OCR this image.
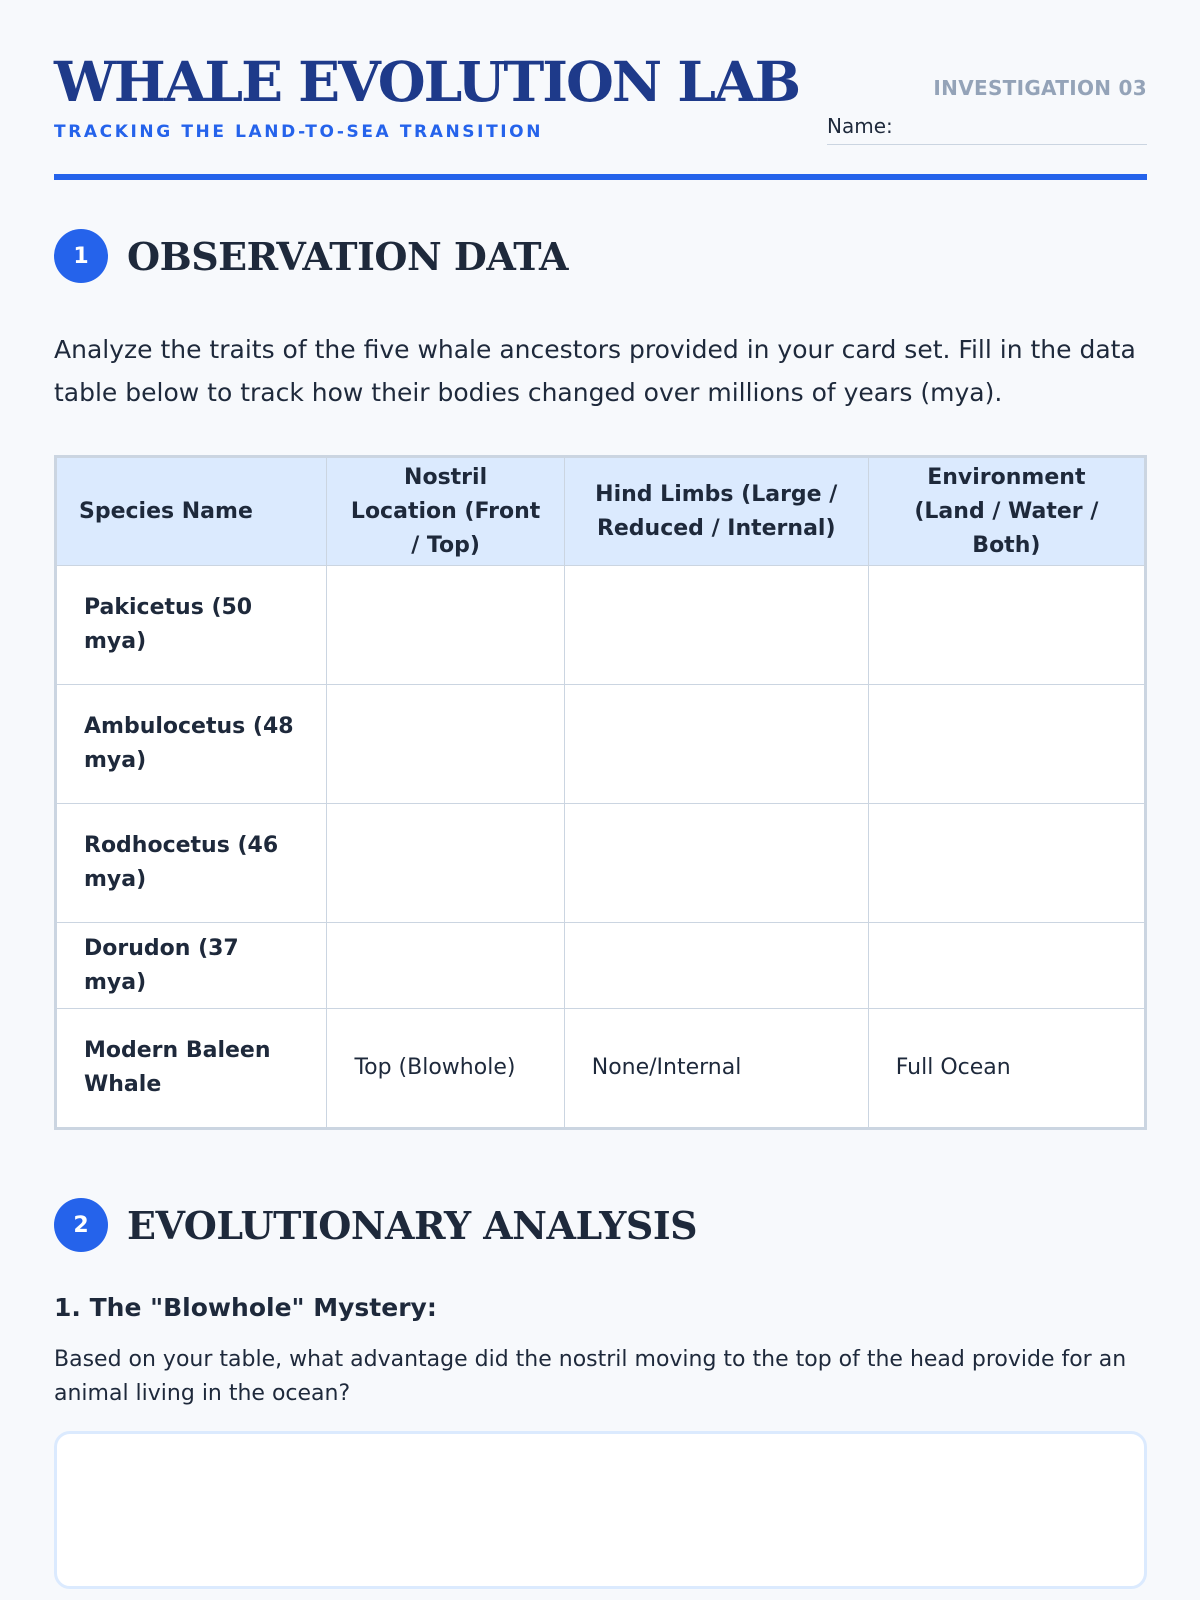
WHALE EVOLUTION LAB
TRACKING THE LAND-TO-SEA TRANSITION
INVESTIGATION 03
Name:
1	OBSERVATION DATA

Analyze the traits of the five whale ancestors provided in your card set. Fill in the data table below to track how their bodies changed over millions of years (mya).

Species Name	Nostril Location (Front / Top)	Hind Limbs (Large / Reduced / Internal)	Environment (Land / Water / Both)
Pakicetus (50 mya)			
Ambulocetus (48 mya)			
Rodhocetus (46 mya)			
Dorudon (37 mya)			
Modern Baleen Whale	Top (Blowhole)	None/Internal	Full Ocean
2	EVOLUTIONARY ANALYSIS

1. The "Blowhole" Mystery:

Based on your table, what advantage did the nostril moving to the top of the head provide for an animal living in the ocean?
